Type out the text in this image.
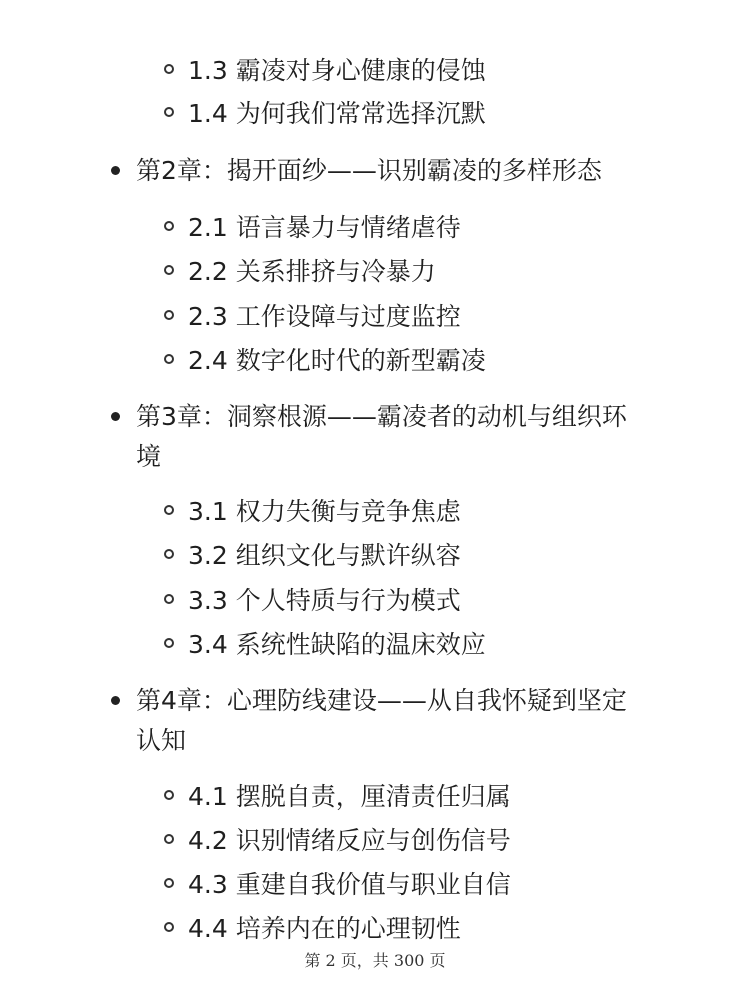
1.3 霸凌对身心健康的侵蚀
1.4 为何我们常常选择沉默
第2章：揭开面纱——识别霸凌的多样形态
2.1 语言暴力与情绪虐待
2.2 关系排挤与冷暴力
2.3 工作设障与过度监控
2.4 数字化时代的新型霸凌
第3章：洞察根源——霸凌者的动机与组织环
境
3.1 权力失衡与竞争焦虑
3.2 组织文化与默许纵容
3.3 个人特质与行为模式
3.4 系统性缺陷的温床效应
第4章：心理防线建设——从自我怀疑到坚定
认知
4.1 摆脱自责，厘清责任归属
4.2 识别情绪反应与创伤信号
4.3 重建自我价值与职业自信
4.4 培养内在的心理韧性
第 2 页，共 300 页
